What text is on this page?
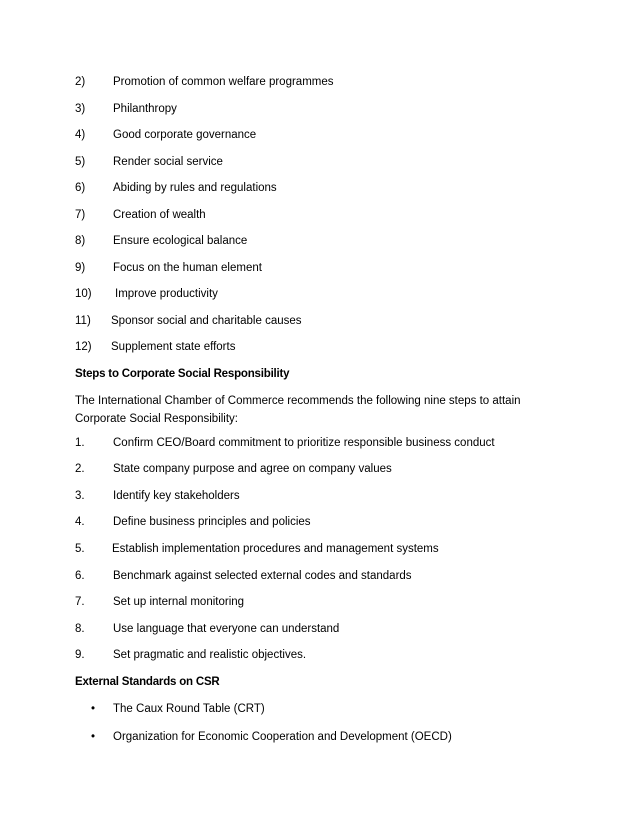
2) Promotion of common welfare programmes
3) Philanthropy
4) Good corporate governance
5) Render social service
6) Abiding by rules and regulations
7) Creation of wealth
8) Ensure ecological balance
9) Focus on the human element
10) Improve productivity
11) Sponsor social and charitable causes
12) Supplement state efforts
Steps to Corporate Social Responsibility
The International Chamber of Commerce recommends the following nine steps to attain Corporate Social Responsibility:
1. Confirm CEO/Board commitment to prioritize responsible business conduct
2. State company purpose and agree on company values
3. Identify key stakeholders
4. Define business principles and policies
5. Establish implementation procedures and management systems
6. Benchmark against selected external codes and standards
7. Set up internal monitoring
8. Use language that everyone can understand
9. Set pragmatic and realistic objectives.
External Standards on CSR
• The Caux Round Table (CRT)
• Organization for Economic Cooperation and Development (OECD)
